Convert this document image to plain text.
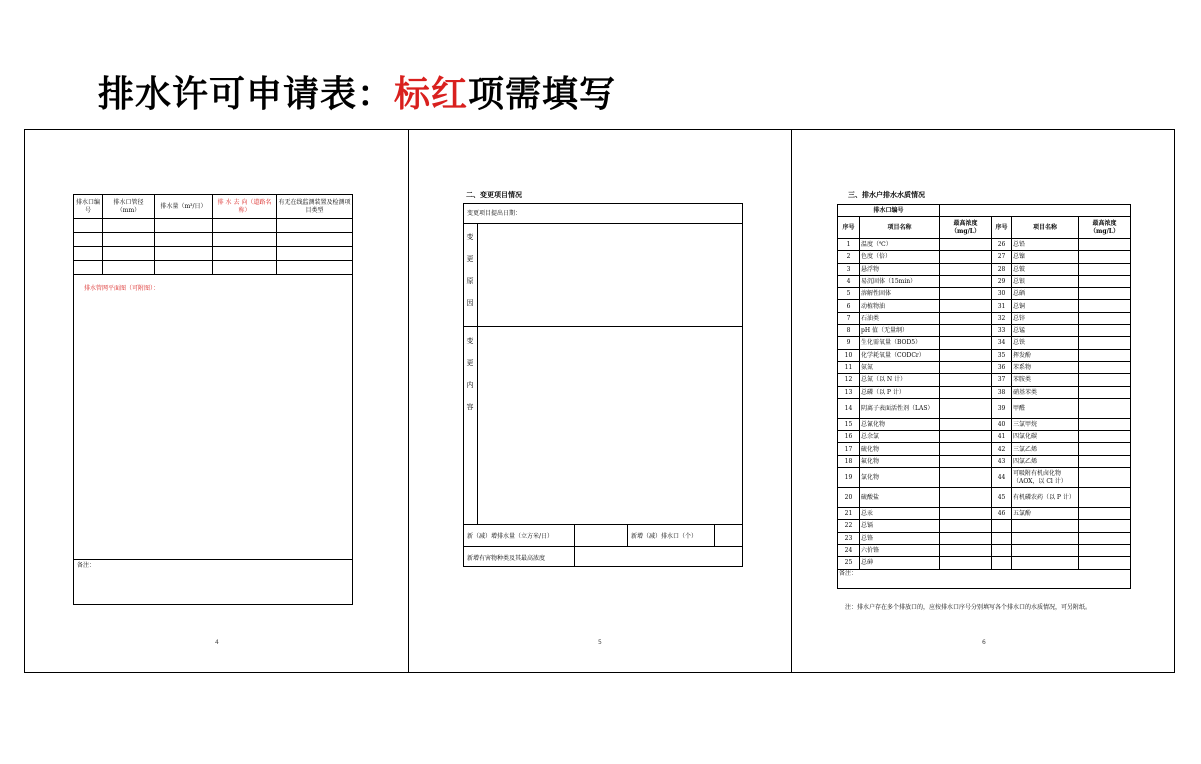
排水许可申请表：标红项需填写
排水口编号	排水口管径（mm）	排水量（m³/日）	排 水 去 向（道路名称）	有无在线监测装置及检测项目类型

排水管网平面图（可附图）：				
备注：				
4
二、变更项目情况
变更项目提出日期：
变
更
原
因
变
更
内
容
新（减）增排水量（立方米/日）	新增（减）排水口（个）
新增有害物种类及其最高浓度
5
三、排水户排水水质情况
排水口编号					
序号	项目名称	最高浓度（mg/L）	序号	项目名称	最高浓度（mg/L）
1	温度（℃）		26	总铅	
2	色度（倍）		27	总镍	
3	悬浮物		28	总铍	
4	易沉固体（15min）		29	总银	
5	溶解性固体		30	总硒	
6	动植物油		31	总铜	
7	石油类		32	总锌	
8	pH 值（无量纲）		33	总锰	
9	生化需氧量（BOD5）		34	总铁	
10	化学耗氧量（CODCr）		35	挥发酚	
11	氨氮		36	苯系物	
12	总氮（以 N 计）		37	苯胺类	
13	总磷（以 P 计）		38	硝基苯类	
14	阴离子表面活性剂（LAS）		39	甲醛	
15	总氰化物		40	三氯甲烷	
16	总余氯		41	四氯化碳	
17	硫化物		42	三氯乙烯	
18	氟化物		43	四氯乙烯	
19	氯化物		44	可吸附有机卤化物（AOX，以 Cl 计）	
20	硫酸盐		45	有机磷农药（以 P 计）	
21	总汞		46	五氯酚	
22	总镉				
23	总铬				
24	六价铬				
25	总砷				
备注：					
注：排水户存在多个排放口的，应按排水口序号分别填写各个排水口的水质情况，可另附纸。
6
